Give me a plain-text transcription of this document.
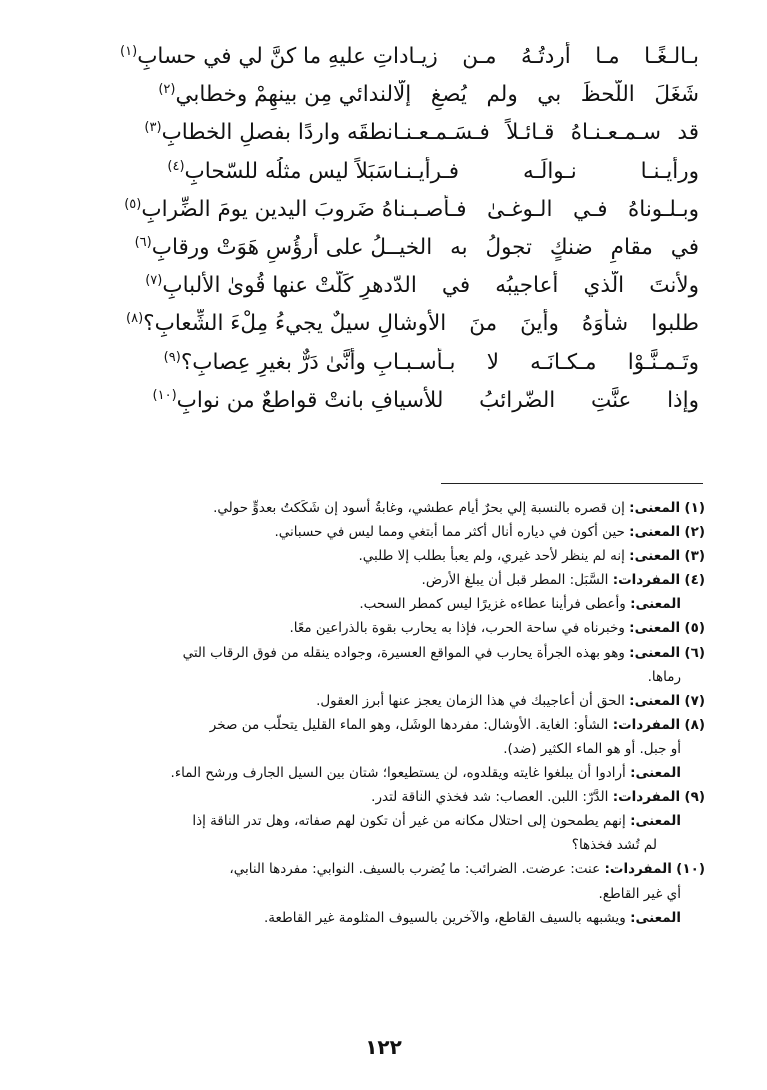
بـالـغًـا مـا أردتُـهُ مـن زيـادا
تِ عليهِ ما كنَّ لي في حسابِ$^{(١)}$
شَغَلَ اللّحظَ بي ولم يُصغِ إلَّا
لندائي مِن بينهِمْ وخطابي$^{(٢)}$
قد سـمـعـنـاهُ قـائـلاً فـسَـمـعـنـا
نطقَه واردًا بفصلِ الخطابِ$^{(٣)}$
ورأيـنـا نـوالَـه فـرأيـنـا
سَبَلاً ليس مثلُه للسّحابِ$^{(٤)}$
وبـلـوناهُ فـي الـوغـىٰ فـأصـبـنا
هُ ضَروبَ اليدين يومَ الضِّرابِ$^{(٥)}$
في مقامٍ ضنكٍ تجولُ به الخيـ
ـلُ على أرؤُسٍ هَوَتْ ورقابِ$^{(٦)}$
ولأنتَ الّذي أعاجيبُه في الدّ
دهرِ كَلَّتْ عنها قُوىٰ الألبابِ$^{(٧)}$
طلبوا شأوَهُ وأينَ منَ الأوشا
لِ سيلٌ يجيءُ مِلْءَ الشِّعابِ؟$^{(٨)}$
وتَـمـنَّـوْا مـكـانَـه لا بـأسـبـا
بِ وأنَّىٰ دَرٌّ بغيرِ عِصابِ؟$^{(٩)}$
وإذا عنَّتِ الضّرائبُ للأسيا
فِ بانتْ قواطعٌ من نوابِ$^{(١٠)}$
(١) المعنى: إن قصره بالنسبة إلي بحرٌ أيام عطشي، وغابةُ أسود إن شَكَكتُ بعدوٍّ حولي.
(٢) المعنى: حين أكون في دياره أنال أكثر مما أبتغي ومما ليس في حسباني.
(٣) المعنى: إنه لم ينظر لأحد غيري، ولم يعبأ بطلب إلا طلبي.
(٤) المفردات: السَّبَل: المطر قبل أن يبلغ الأرض.
المعنى: وأعطى فرأينا عطاءه غزيرًا ليس كمطر السحب.
(٥) المعنى: وخبرناه في ساحة الحرب، فإذا به يحارب بقوة بالذراعين معًا.
(٦) المعنى: وهو بهذه الجرأة يحارب في المواقع العسيرة، وجواده ينقله من فوق الرقاب التي
رماها.
(٧) المعنى: الحق أن أعاجيبك في هذا الزمان يعجز عنها أبرز العقول.
(٨) المفردات: الشأو: الغاية. الأوشال: مفردها الوشَل، وهو الماء القليل يتحلّب من صخر
أو جبل. أو هو الماء الكثير (ضد).
المعنى: أرادوا أن يبلغوا غايته ويقلدوه، لن يستطيعوا؛ شتان بين السيل الجارف ورشح الماء.
(٩) المفردات: الدَّرّ: اللبن. العصاب: شد فخذي الناقة لتدر.
المعنى: إنهم يطمحون إلى احتلال مكانه من غير أن تكون لهم صفاته، وهل تدر الناقة إذا
لم تُشد فخذها؟
(١٠) المفردات: عنت: عرضت. الضرائب: ما يُضرب بالسيف. النوابي: مفردها النابي،
أي غير القاطع.
المعنى: ويشبهه بالسيف القاطع، والآخرين بالسيوف المثلومة غير القاطعة.
١٢٢
